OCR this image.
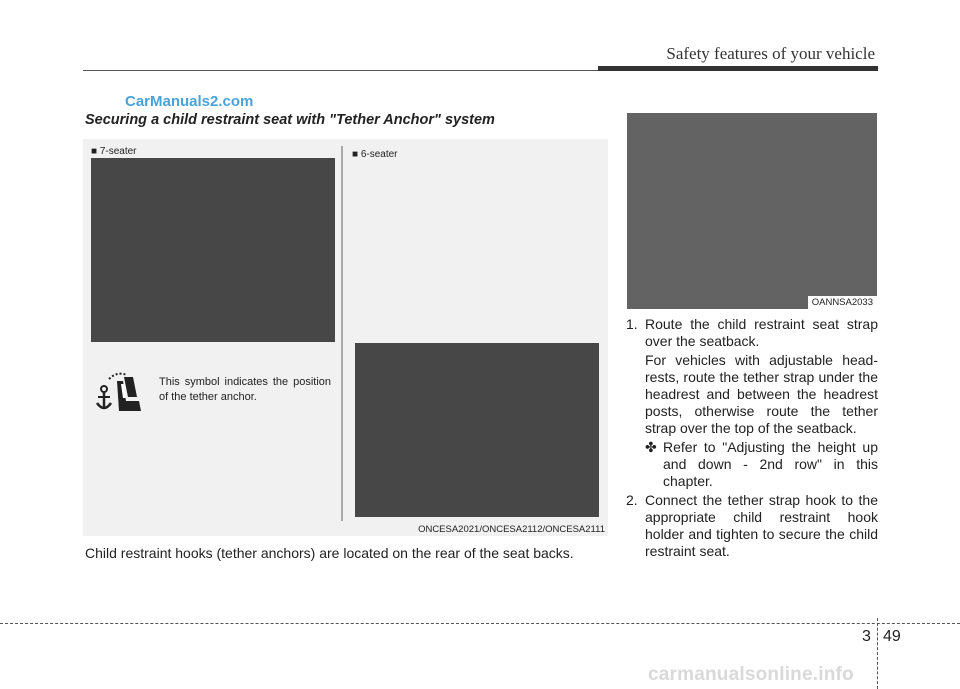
Safety features of your vehicle
CarManuals2.com
Securing a child restraint seat with "Tether Anchor" system
■ 7-seater	■ 6-seater
This symbol indicates the position of the tether anchor.
ONCESA2021/ONCESA2112/ONCESA2111
Child restraint hooks (tether anchors) are located on the rear of the seat backs.
OANNSA2033
1. Route the child restraint seat strap over the seatback.
For vehicles with adjustable head-rests, route the tether strap under the headrest and between the headrest posts, otherwise route the tether strap over the top of the seatback.
✤ Refer to "Adjusting the height up and down - 2nd row" in this chapter.
2. Connect the tether strap hook to the appropriate child restraint hook holder and tighten to secure the child restraint seat.
3 49
carmanualsonline.info
